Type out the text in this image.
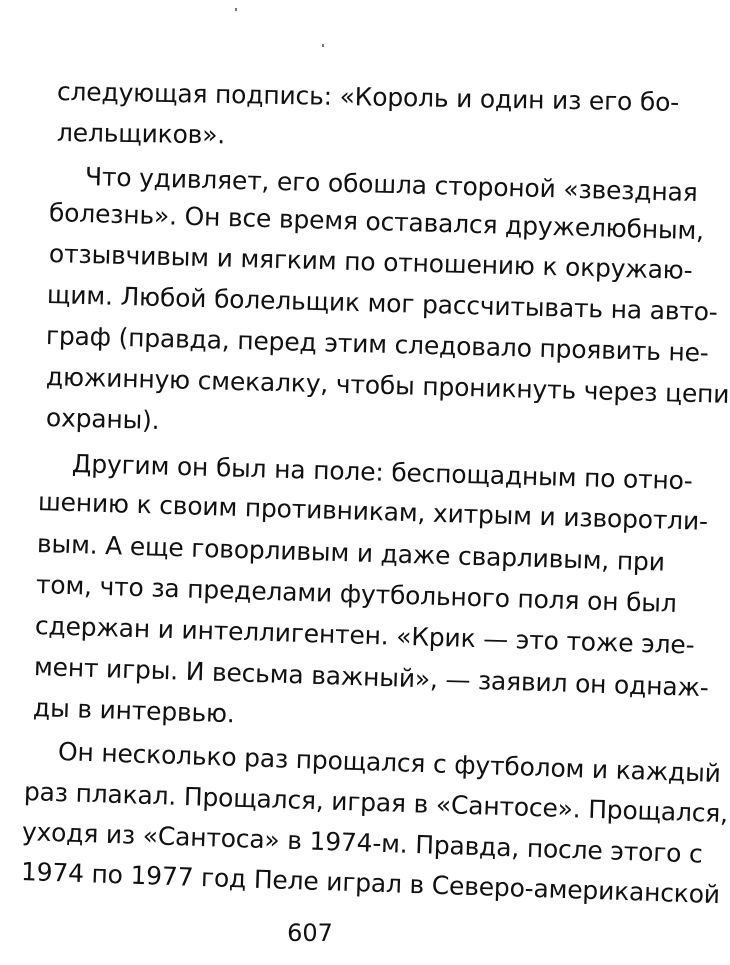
следующая подпись: «Король и один из его бо-
лельщиков».
Что удивляет, его обошла стороной «звездная
болезнь». Он все время оставался дружелюбным,
отзывчивым и мягким по отношению к окружаю-
щим. Любой болельщик мог рассчитывать на авто-
граф (правда, перед этим следовало проявить не-
дюжинную смекалку, чтобы проникнуть через цепи
охраны).
Другим он был на поле: беспощадным по отно-
шению к своим противникам, хитрым и изворотли-
вым. А еще говорливым и даже сварливым, при
том, что за пределами футбольного поля он был
сдержан и интеллигентен. «Крик — это тоже эле-
мент игры. И весьма важный», — заявил он однаж-
ды в интервью.
Он несколько раз прощался с футболом и каждый
раз плакал. Прощался, играя в «Сантосе». Прощался,
уходя из «Сантоса» в 1974-м. Правда, после этого с
1974 по 1977 год Пеле играл в Северо-американской
607
